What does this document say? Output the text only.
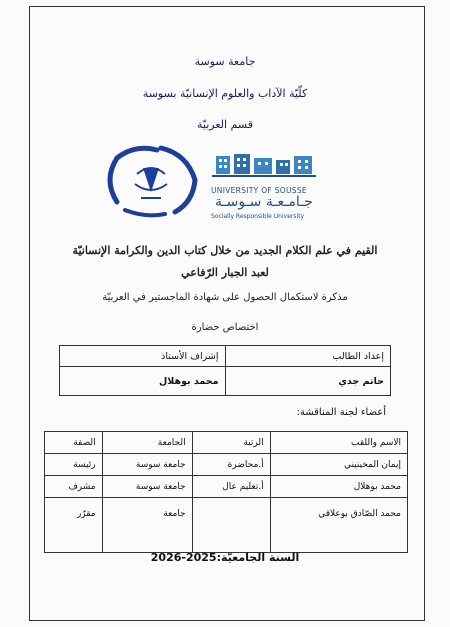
جامعة سوسة
كلّيّة الآداب والعلوم الإنسانيّة بسوسة
قسم العربيّة
UNIVERSITY OF SOUSSE
جـامـعـة سـوسـة
Socially Responsible University
القيم في علم الكلام الجديد من خلال كتاب الدين والكرامة الإنسانيّة
لعبد الجبار الرّفاعي
مذكرة لاستكمال الحصول على شهادة الماجستير في العربيّة
اختصاص حضارة
إعداد الطالب	إشراف الأستاذ
حاتم جدي	محمد بوهلال
أعضاء لجنة المناقشة:
الاسم واللقب	الرتبة	الجامعة	الصفة
إيمان المخينيني	أ.محاضرة	جامعة سوسة	رئيسة
محمد بوهلال	أ.تعليم عال	جامعة سوسة	مشرف
محمد الصّادق بوعلاقي		جامعة	مقرّر
السنة الجامعيّة:2025-2026
